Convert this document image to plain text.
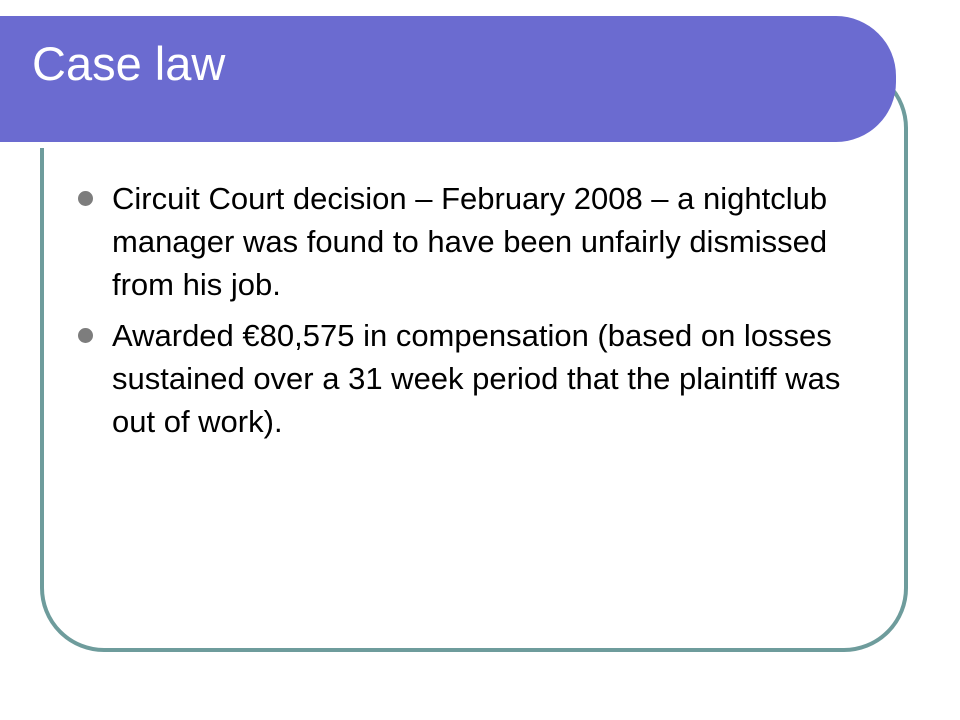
Case law
Circuit Court decision – February 2008 – a nightclub manager was found to have been unfairly dismissed from his job.
Awarded €80,575 in compensation (based on losses sustained over a 31 week period that the plaintiff was out of work).
